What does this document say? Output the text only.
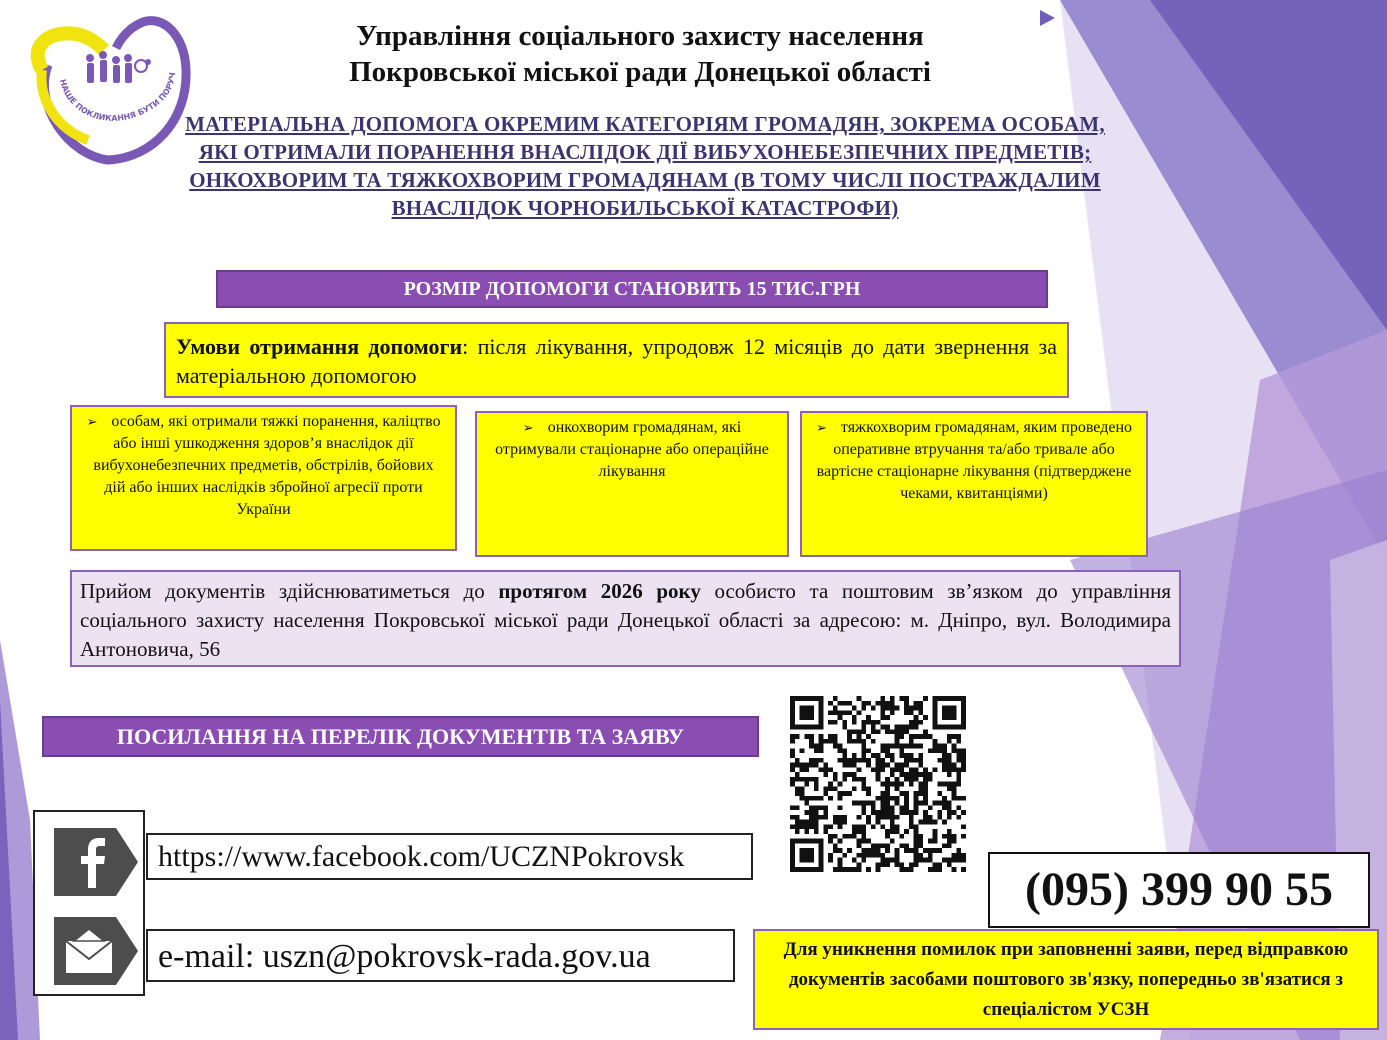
НАШЕ ПОКЛИКАННЯ БУТИ ПОРУЧ
Управління соціального захисту населення
Покровської міської ради Донецької області
МАТЕРІАЛЬНА ДОПОМОГА ОКРЕМИМ КАТЕГОРІЯМ ГРОМАДЯН, ЗОКРЕМА ОСОБАМ, ЯКІ ОТРИМАЛИ ПОРАНЕННЯ ВНАСЛІДОК ДІЇ ВИБУХОНЕБЕЗПЕЧНИХ ПРЕДМЕТІВ; ОНКОХВОРИМ ТА ТЯЖКОХВОРИМ ГРОМАДЯНАМ (В ТОМУ ЧИСЛІ ПОСТРАЖДАЛИМ ВНАСЛІДОК ЧОРНОБИЛЬСЬКОЇ КАТАСТРОФИ)
РОЗМІР ДОПОМОГИ СТАНОВИТЬ 15 ТИС.ГРН
Умови отримання допомоги: після лікування, упродовж 12 місяців до дати звернення за матеріальною допомогою
➢ особам, які отримали тяжкі поранення, каліцтво або інші ушкодження здоров’я внаслідок дії вибухонебезпечних предметів, обстрілів, бойових дій або інших наслідків збройної агресії проти України
➢ онкохворим громадянам, які отримували стаціонарне або операційне лікування
➢ тяжкохворим громадянам, яким проведено оперативне втручання та/або тривале або вартісне стаціонарне лікування (підтверджене чеками, квитанціями)
Прийом документів здійснюватиметься до протягом 2026 року особисто та поштовим зв’язком до управління соціального захисту населення Покровської міської ради Донецької області за адресою: м. Дніпро, вул. Володимира Антоновича, 56
ПОСИЛАННЯ НА ПЕРЕЛІК ДОКУМЕНТІВ ТА ЗАЯВУ
https://www.facebook.com/UCZNPokrovsk
e-mail: uszn@pokrovsk-rada.gov.ua
(095) 399 90 55
Для уникнення помилок при заповненні заяви, перед відправкою документів засобами поштового зв'язку, попередньо зв'язатися з спеціалістом УСЗН
